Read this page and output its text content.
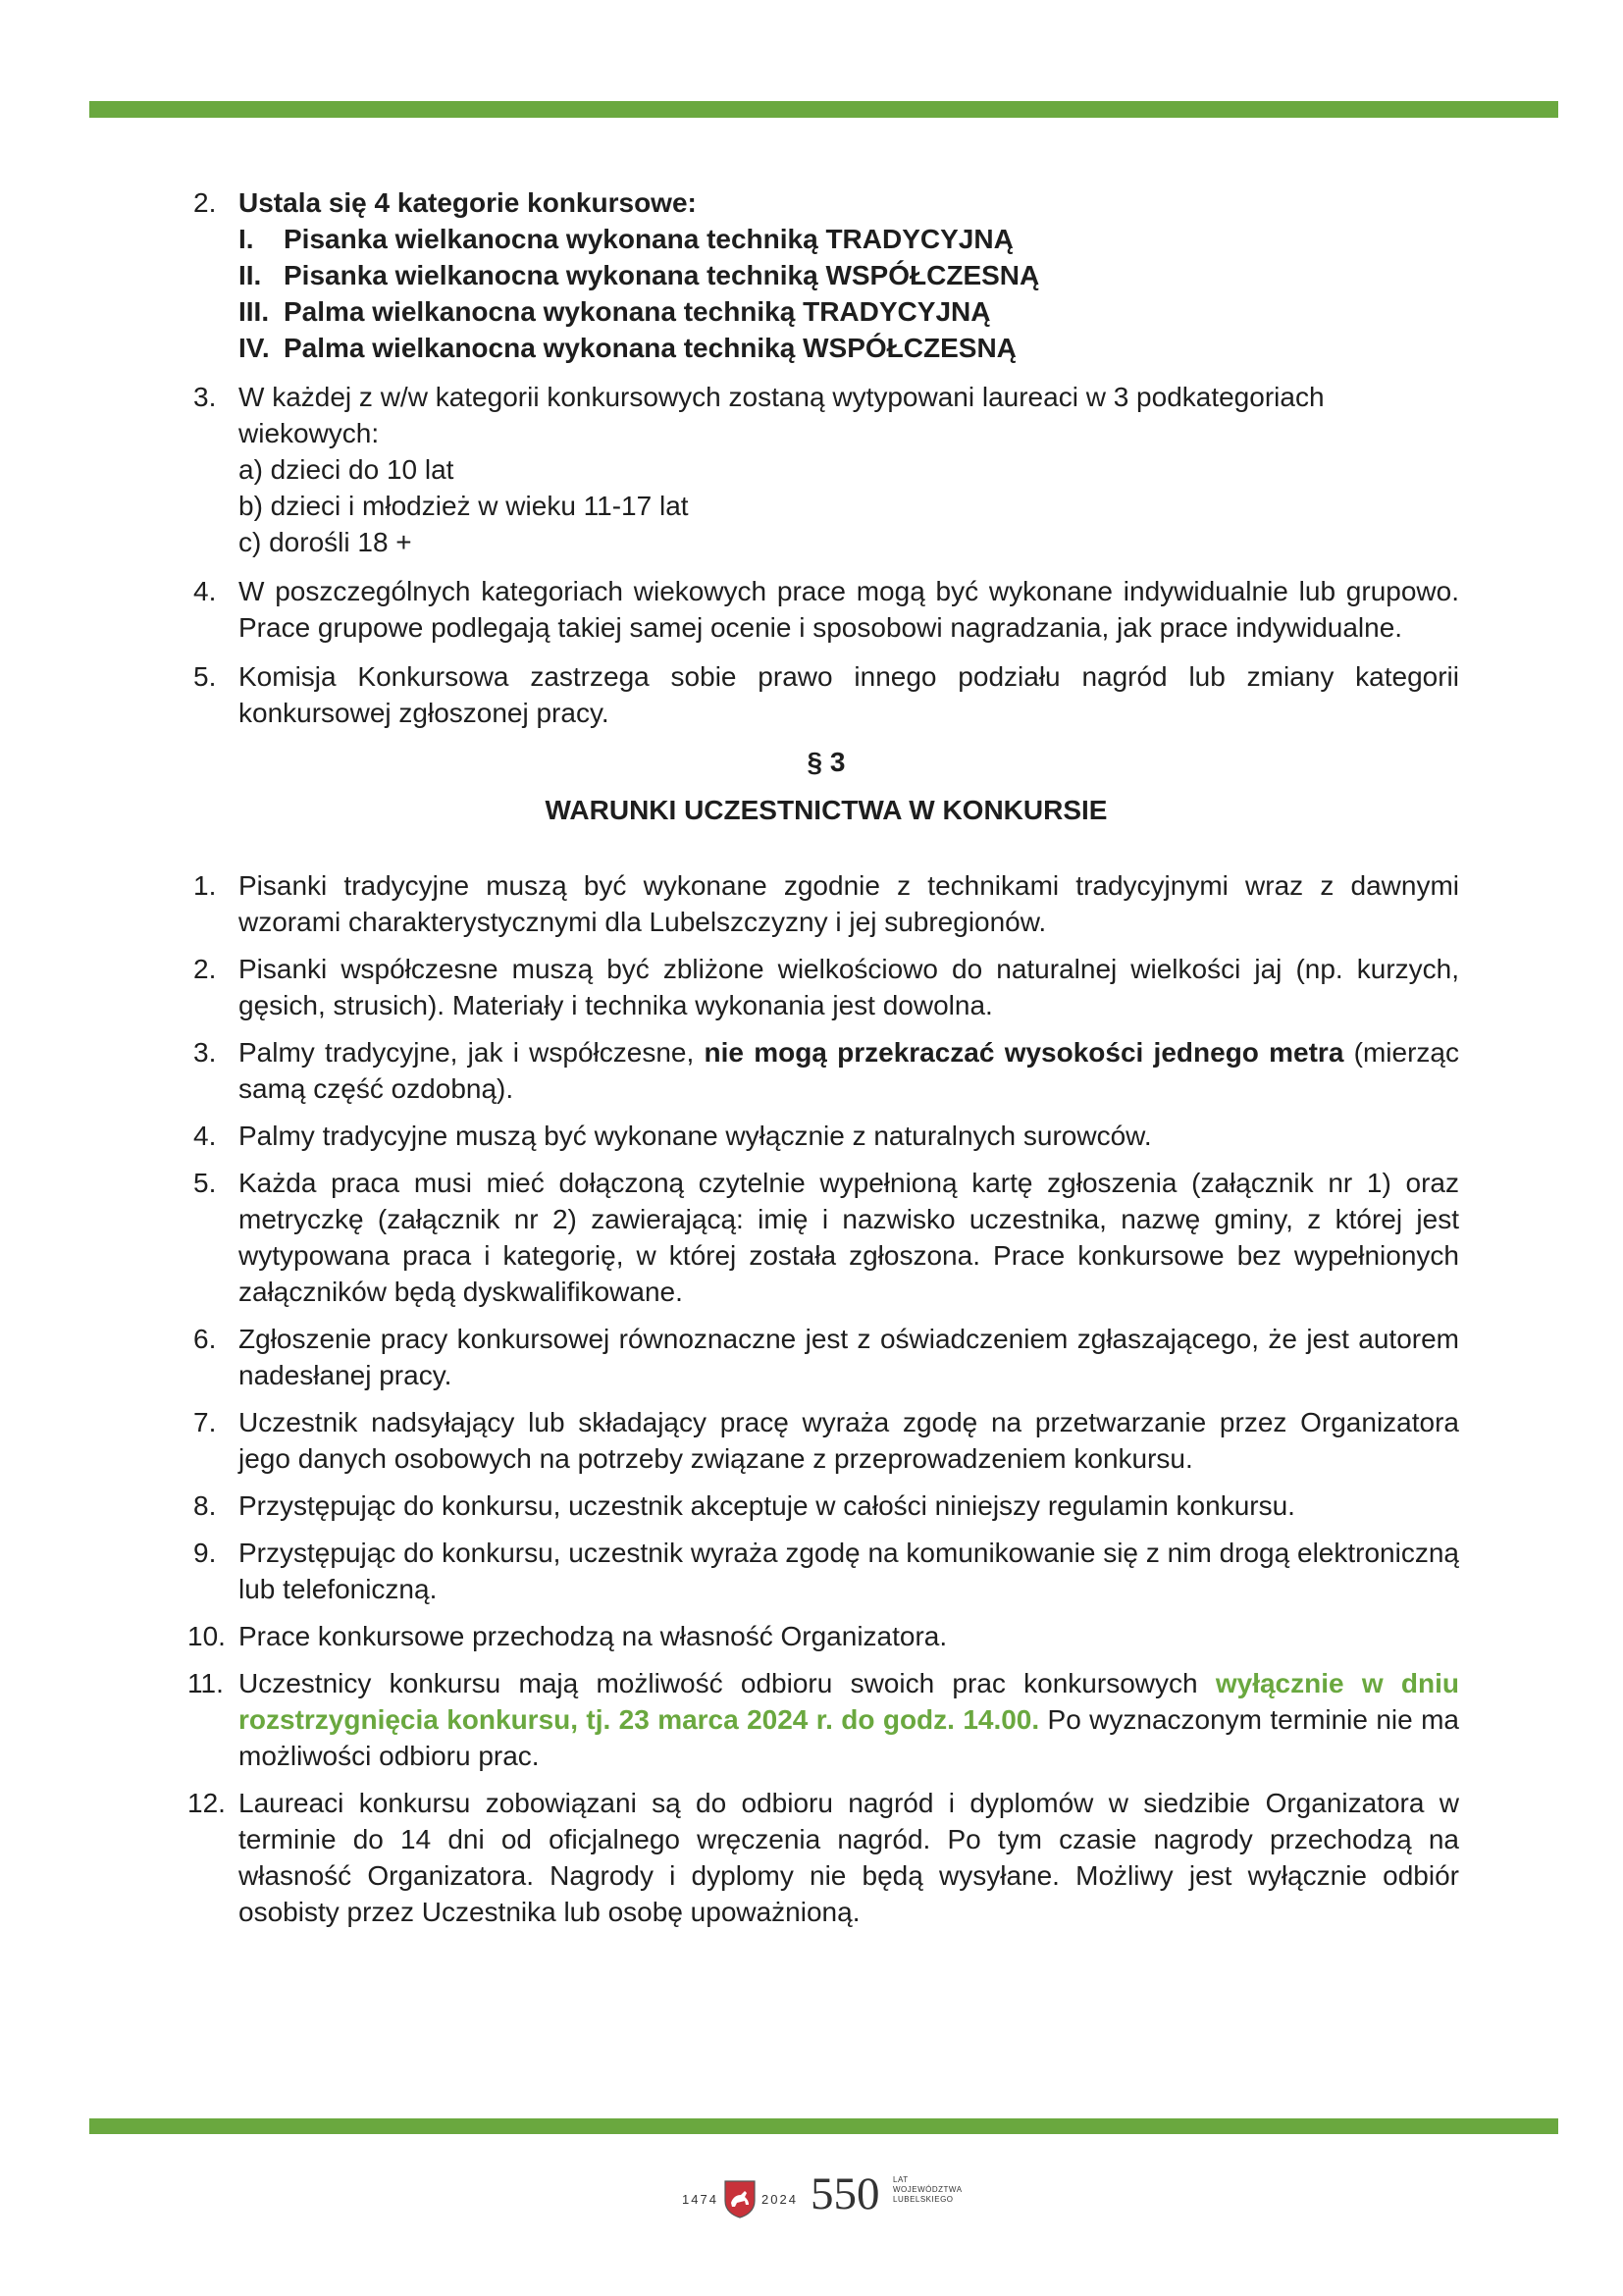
2. Ustala się 4 kategorie konkursowe:
I. Pisanka wielkanocna wykonana techniką TRADYCYJNĄ
II. Pisanka wielkanocna wykonana techniką WSPÓŁCZESNĄ
III. Palma wielkanocna wykonana techniką TRADYCYJNĄ
IV. Palma wielkanocna wykonana techniką WSPÓŁCZESNĄ
3. W każdej z w/w kategorii konkursowych zostaną wytypowani laureaci w 3 podkategoriach wiekowych:
a) dzieci do 10 lat
b) dzieci i młodzież w wieku 11-17 lat
c) dorośli 18 +
4. W poszczególnych kategoriach wiekowych prace mogą być wykonane indywidualnie lub grupowo. Prace grupowe podlegają takiej samej ocenie i sposobowi nagradzania, jak prace indywidualne.
5. Komisja Konkursowa zastrzega sobie prawo innego podziału nagród lub zmiany kategorii konkursowej zgłoszonej pracy.
§ 3
WARUNKI UCZESTNICTWA W KONKURSIE
1. Pisanki tradycyjne muszą być wykonane zgodnie z technikami tradycyjnymi wraz z dawnymi wzorami charakterystycznymi dla Lubelszczyzny i jej subregionów.
2. Pisanki współczesne muszą być zbliżone wielkościowo do naturalnej wielkości jaj (np. kurzych, gęsich, strusich). Materiały i technika wykonania jest dowolna.
3. Palmy tradycyjne, jak i współczesne, nie mogą przekraczać wysokości jednego metra (mierząc samą część ozdobną).
4. Palmy tradycyjne muszą być wykonane wyłącznie z naturalnych surowców.
5. Każda praca musi mieć dołączoną czytelnie wypełnioną kartę zgłoszenia (załącznik nr 1) oraz metryczkę (załącznik nr 2) zawierającą: imię i nazwisko uczestnika, nazwę gminy, z której jest wytypowana praca i kategorię, w której została zgłoszona. Prace konkursowe bez wypełnionych załączników będą dyskwalifikowane.
6. Zgłoszenie pracy konkursowej równoznaczne jest z oświadczeniem zgłaszającego, że jest autorem nadesłanej pracy.
7. Uczestnik nadsyłający lub składający pracę wyraża zgodę na przetwarzanie przez Organizatora jego danych osobowych na potrzeby związane z przeprowadzeniem konkursu.
8. Przystępując do konkursu, uczestnik akceptuje w całości niniejszy regulamin konkursu.
9. Przystępując do konkursu, uczestnik wyraża zgodę na komunikowanie się z nim drogą elektroniczną lub telefoniczną.
10. Prace konkursowe przechodzą na własność Organizatora.
11. Uczestnicy konkursu mają możliwość odbioru swoich prac konkursowych wyłącznie w dniu rozstrzygnięcia konkursu, tj. 23 marca 2024 r. do godz. 14.00. Po wyznaczonym terminie nie ma możliwości odbioru prac.
12. Laureaci konkursu zobowiązani są do odbioru nagród i dyplomów w siedzibie Organizatora w terminie do 14 dni od oficjalnego wręczenia nagród. Po tym czasie nagrody przechodzą na własność Organizatora. Nagrody i dyplomy nie będą wysyłane. Możliwy jest wyłącznie odbiór osobisty przez Uczestnika lub osobę upoważnioną.
1474	2024 550 LAT
WOJEWÓDZTWA
LUBELSKIEGO
